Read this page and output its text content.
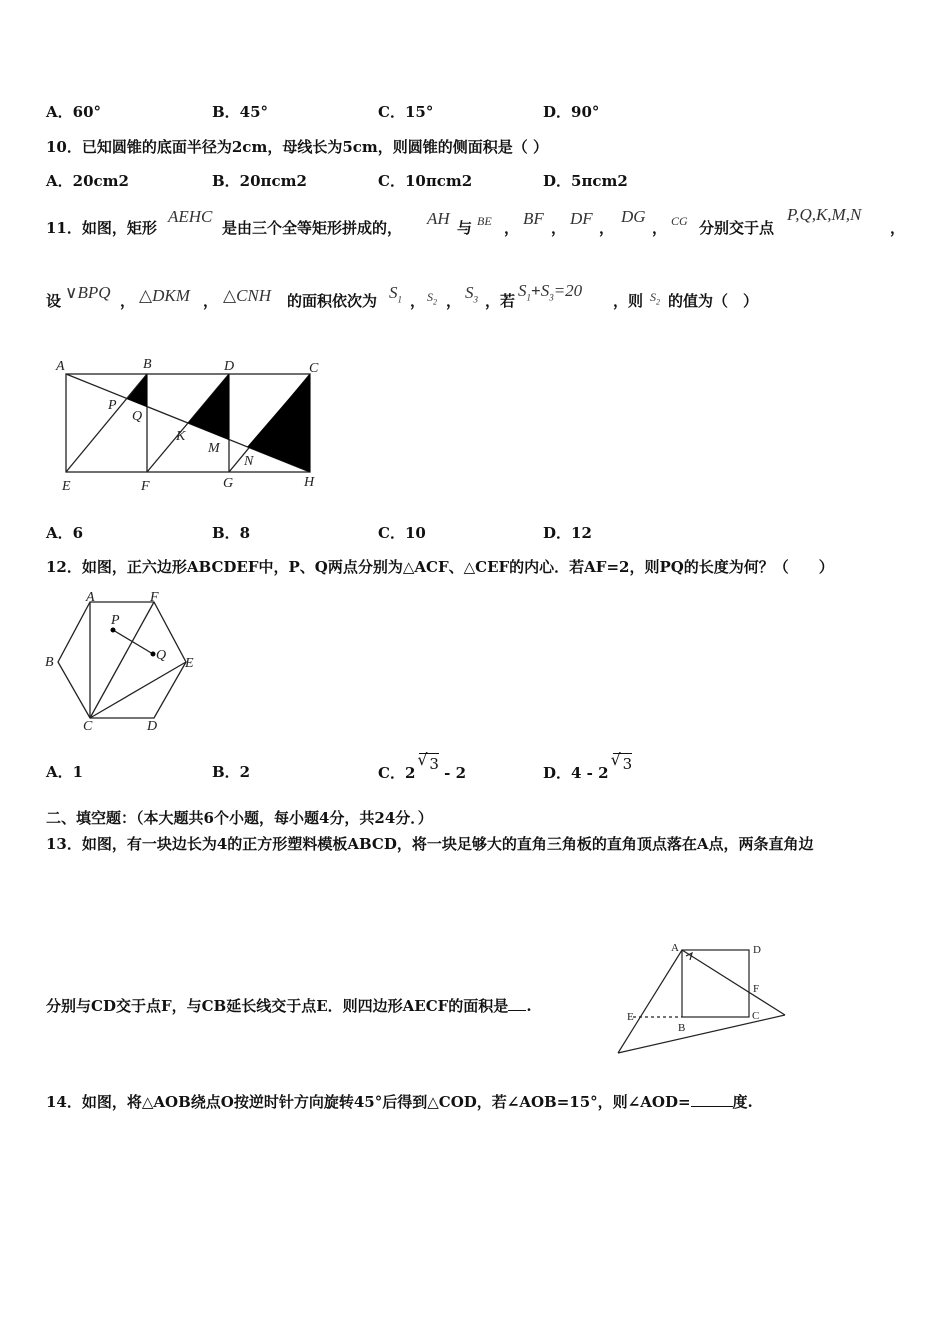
A．60°	B．45°	C．15°	D．90°
10．已知圆锥的底面半径为2cm，母线长为5cm，则圆锥的侧面积是（ ）
A．20cm2	B．20πcm2	C．10πcm2	D．5πcm2
11．如图，矩形
AEHC
是由三个全等矩形拼成的， AH 与 BE ， BF ， DF ，
DG
， CG 分别交于点
P,Q,K,M,N
，
设 ∨BPQ ， △DKM ， △CNH 的面积依次为 $S_1$ ， $S_2$ ， $S_3$ ，若
$S_1+S_3=20$
，则 $S_2$ 的值为（　）
A	B	D	C
P
Q
K
M
N
E	F	G	H
A．6	B．8	C．10	D．12
12．如图，正六边形ABCDEF中，P、Q两点分别为△ACF、△CEF的内心．若AF=2，则PQ的长度为何？（　　）
A	F
P
Q
B	E
C	D
A．1	B．2	C．2 √ 3 - 2	D．4 - 2 √ 3
二、填空题：（本大题共6个小题，每小题4分，共24分．）
13．如图，有一块边长为4的正方形塑料模板ABCD，将一块足够大的直角三角板的直角顶点落在A点，两条直角边
分别与CD交于点F，与CB延长线交于点E．则四边形AECF的面积是 .
A	D
F
E
B
C
14．如图，将△AOB绕点O按逆时针方向旋转45°后得到△COD，若∠AOB=15°，则∠AOD=	度.
